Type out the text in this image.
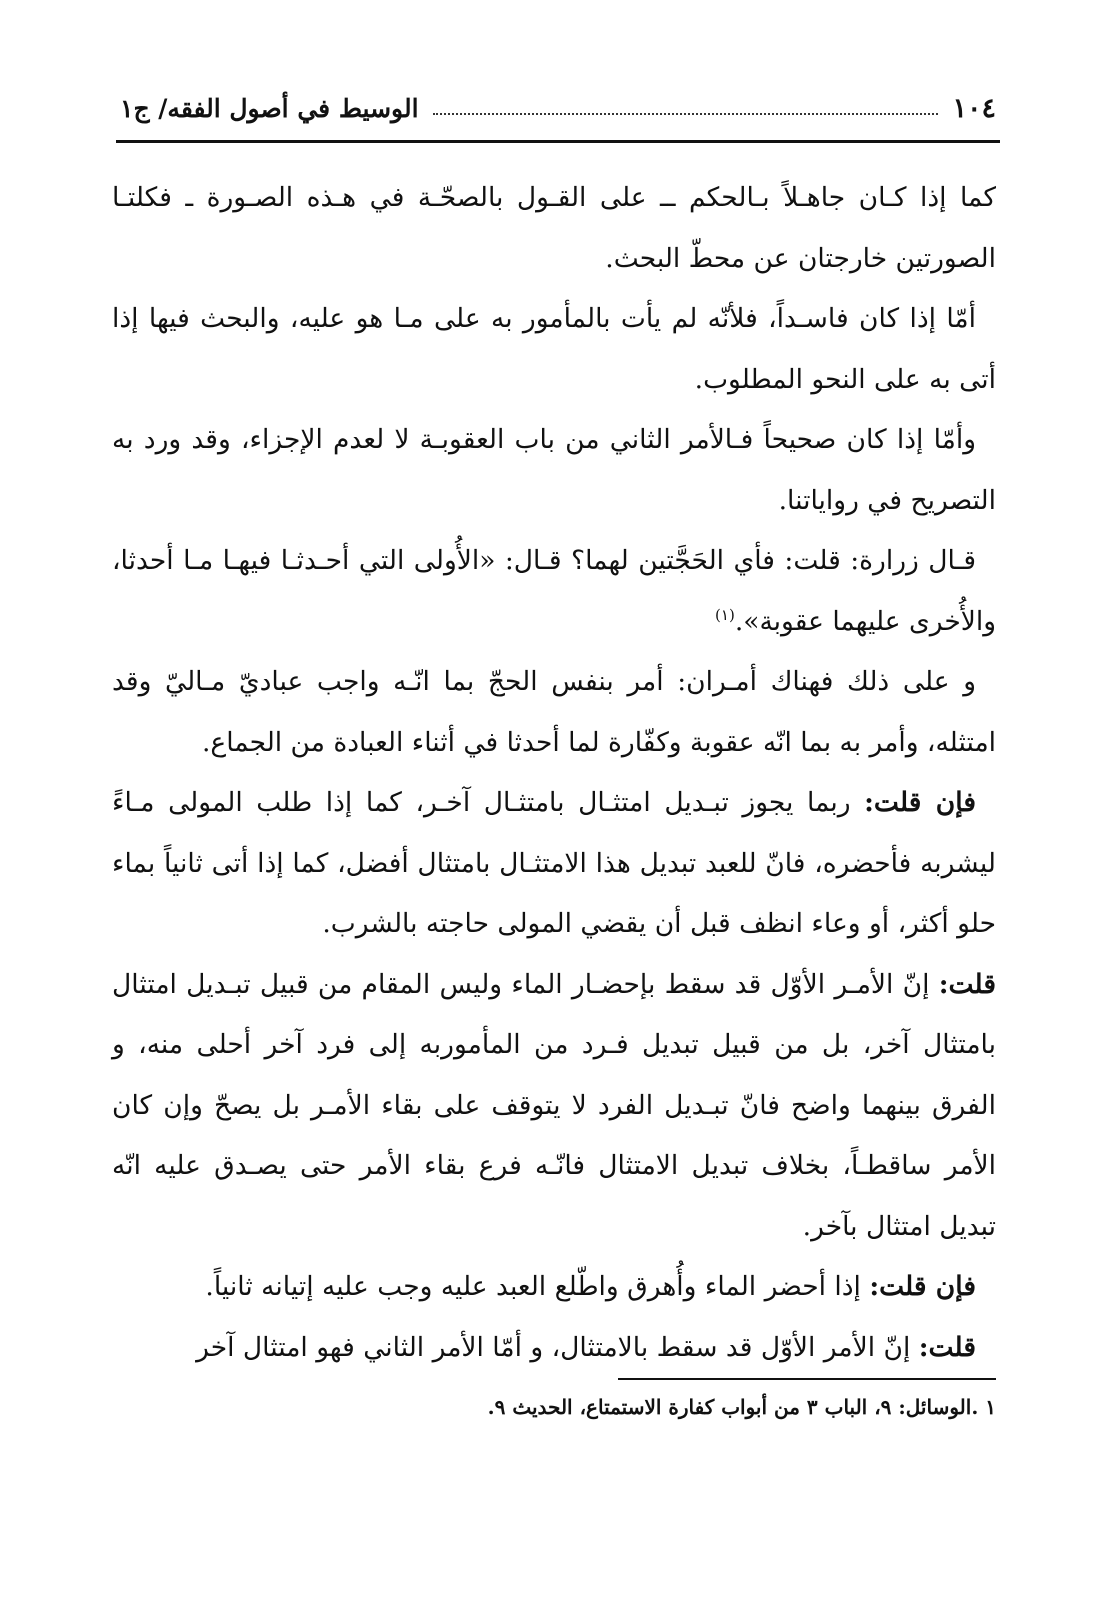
١٠٤
الوسيط في أصول الفقه/ ج١

كما إذا كـان جاهـلاً بـالحكم ــ على القـول بالصحّـة في هـذه الصـورة ـ فكلتـا الصورتين خارجتان عن محطّ البحث.

أمّا إذا كان فاسـداً، فلأنّه لم يأت بالمأمور به على مـا هو عليه، والبحث فيها إذا أتى به على النحو المطلوب.

وأمّا إذا كان صحيحاً فـالأمر الثاني من باب العقوبـة لا لعدم الإجزاء، وقد ورد به التصريح في رواياتنا.

قـال زرارة: قلت: فأي الحَجَّتين لهما؟ قـال: «الأُولى التي أحـدثـا فيهـا مـا أحدثا، والأُخرى عليهما عقوبة».$^{(١)}$

و على ذلك فهناك أمـران: أمر بنفس الحجّ بما انّـه واجب عباديّ مـاليّ وقد امتثله، وأمر به بما انّه عقوبة وكفّارة لما أحدثا في أثناء العبادة من الجماع.

فإن قلت: ربما يجوز تبـديل امتثـال بامتثـال آخـر، كما إذا طلب المولى مـاءً ليشربه فأحضره، فانّ للعبد تبديل هذا الامتثـال بامتثال أفضل، كما إذا أتى ثانياً بماء حلو أكثر، أو وعاء انظف قبل أن يقضي المولى حاجته بالشرب.

قلت: إنّ الأمـر الأوّل قد سقط بإحضـار الماء وليس المقام من قبيل تبـديل امتثال بامتثال آخر، بل من قبيل تبديل فـرد من المأموربه إلى فرد آخر أحلى منه، و الفرق بينهما واضح فانّ تبـديل الفرد لا يتوقف على بقاء الأمـر بل يصحّ وإن كان الأمر ساقطـاً، بخلاف تبديل الامتثال فانّـه فرع بقاء الأمر حتى يصـدق عليه انّه تبديل امتثال بآخر.

فإن قلت: إذا أحضر الماء وأُهرق واطّلع العبد عليه وجب عليه إتيانه ثانياً.

قلت: إنّ الأمر الأوّل قد سقط بالامتثال، و أمّا الأمر الثاني فهو امتثال آخر

١ .الوسائل: ٩، الباب ٣ من أبواب كفارة الاستمتاع، الحديث ٩.
